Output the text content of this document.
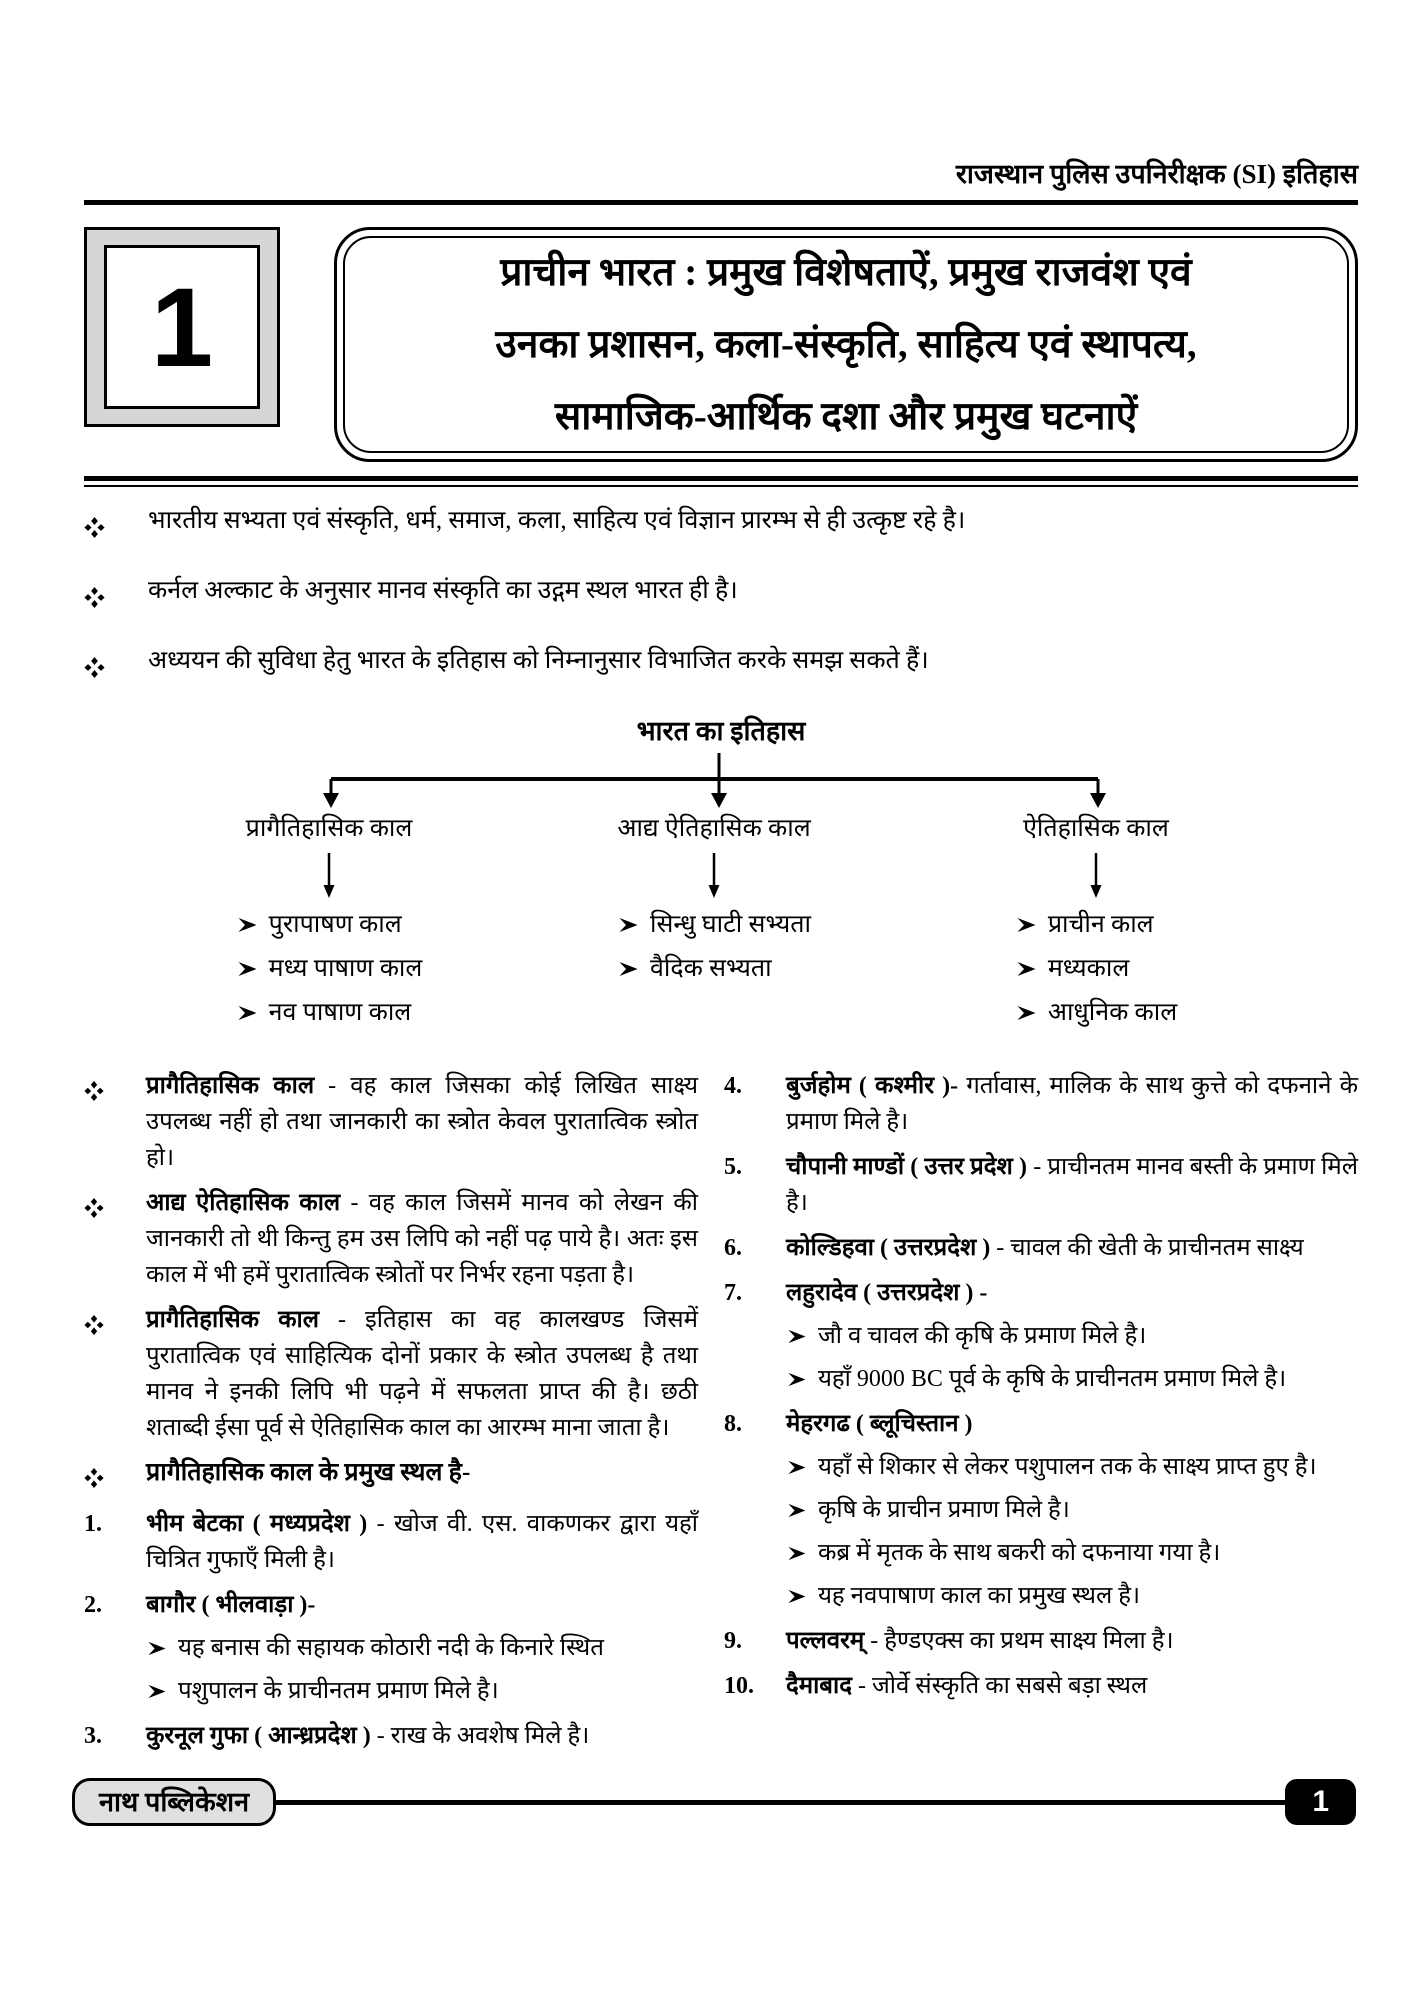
राजस्थान पुलिस उपनिरीक्षक (SI) इतिहास
1	प्राचीन भारत : प्रमुख विशेषताऐं, प्रमुख राजवंश एवं
उनका प्रशासन, कला-संस्कृति, साहित्य एवं स्थापत्य,
सामाजिक-आर्थिक दशा और प्रमुख घटनाऐं
भारतीय सभ्यता एवं संस्कृति, धर्म, समाज, कला, साहित्य एवं विज्ञान प्रारम्भ से ही उत्कृष्ट रहे है।
कर्नल अल्काट के अनुसार मानव संस्कृति का उद्गम स्थल भारत ही है।
अध्ययन की सुविधा हेतु भारत के इतिहास को निम्नानुसार विभाजित करके समझ सकते हैं।
भारत का इतिहास
प्रागैतिहासिक काल
पुरापाषण काल
मध्य पाषाण काल
नव पाषाण काल
आद्य ऐतिहासिक काल
सिन्धु घाटी सभ्यता
वैदिक सभ्यता
ऐतिहासिक काल
प्राचीन काल
मध्यकाल
आधुनिक काल
प्रागैतिहासिक काल - वह काल जिसका कोई लिखित साक्ष्य उपलब्ध नहीं हो तथा जानकारी का स्त्रोत केवल पुरातात्विक स्त्रोत हो।
आद्य ऐतिहासिक काल - वह काल जिसमें मानव को लेखन की जानकारी तो थी किन्तु हम उस लिपि को नहीं पढ़ पाये है। अतः इस काल में भी हमें पुरातात्विक स्त्रोतों पर निर्भर रहना पड़ता है।
प्रागैतिहासिक काल - इतिहास का वह कालखण्ड जिसमें पुरातात्विक एवं साहित्यिक दोनों प्रकार के स्त्रोत उपलब्ध है तथा मानव ने इनकी लिपि भी पढ़ने में सफलता प्राप्त की है। छठी शताब्दी ईसा पूर्व से ऐतिहासिक काल का आरम्भ माना जाता है।
प्रागैतिहासिक काल के प्रमुख स्थल है-
1.	भीम बेटका ( मध्यप्रदेश ) - खोज वी. एस. वाकणकर द्वारा यहाँ चित्रित गुफाएँ मिली है।
2.	बागौर ( भीलवाड़ा )-
यह बनास की सहायक कोठारी नदी के किनारे स्थित
पशुपालन के प्राचीनतम प्रमाण मिले है।
3.	कुरनूल गुफा ( आन्ध्रप्रदेश ) - राख के अवशेष मिले है।
4.	बुर्जहोम ( कश्मीर )- गर्तावास, मालिक के साथ कुत्ते को दफनाने के प्रमाण मिले है।
5.	चौपानी माण्डों ( उत्तर प्रदेश ) - प्राचीनतम मानव बस्ती के प्रमाण मिले है।
6.	कोल्डिहवा ( उत्तरप्रदेश ) - चावल की खेती के प्राचीनतम साक्ष्य
7.	लहुरादेव ( उत्तरप्रदेश ) -
जौ व चावल की कृषि के प्रमाण मिले है।
यहाँ 9000 BC पूर्व के कृषि के प्राचीनतम प्रमाण मिले है।
8.	मेहरगढ ( ब्लूचिस्तान )
यहाँ से शिकार से लेकर पशुपालन तक के साक्ष्य प्राप्त हुए है।
कृषि के प्राचीन प्रमाण मिले है।
कब्र में मृतक के साथ बकरी को दफनाया गया है।
यह नवपाषाण काल का प्रमुख स्थल है।
9.	पल्लवरम् - हैण्डएक्स का प्रथम साक्ष्य मिला है।
10.	दैमाबाद - जोर्वे संस्कृति का सबसे बड़ा स्थल
नाथ पब्लिकेशन	1
